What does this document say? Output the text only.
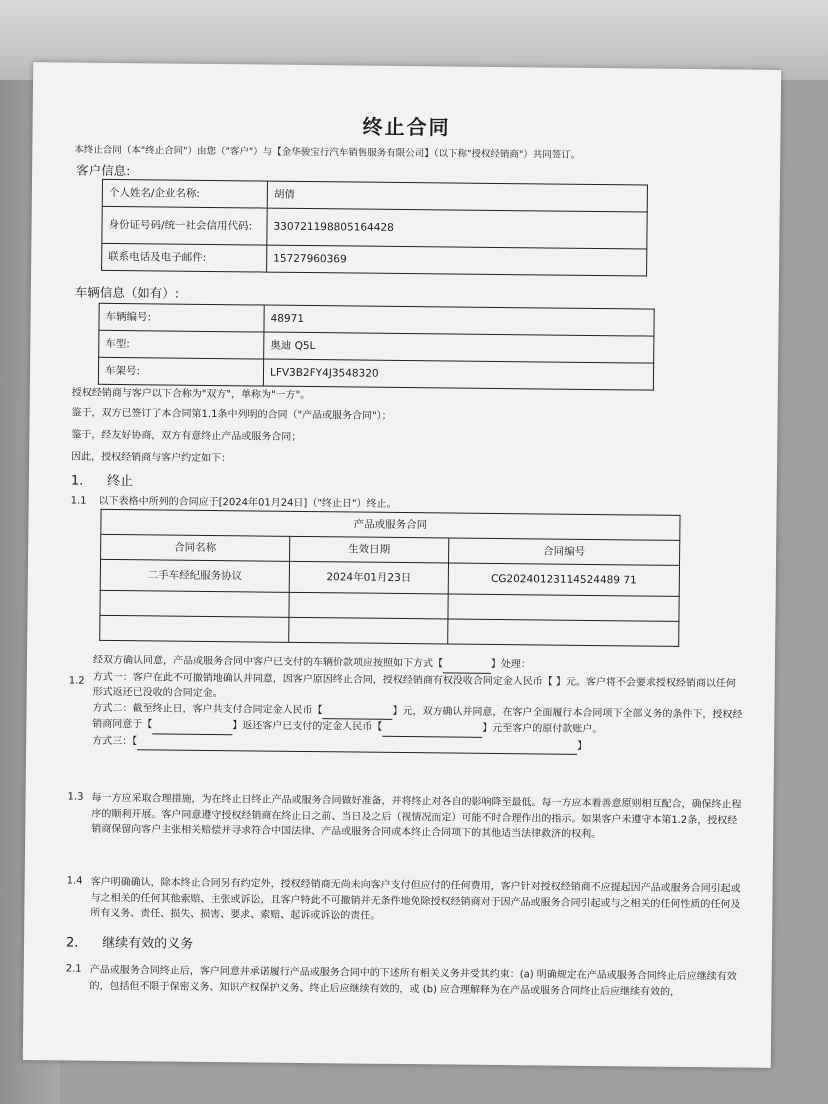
终止合同
本终止合同（本"终止合同"）由您（"客户"）与【金华骏宝行汽车销售服务有限公司】（以下称"授权经销商"）共同签订。
客户信息:
个人姓名/企业名称:	胡倩
身份证号码/统一社会信用代码:	330721198805164428
联系电话及电子邮件:	15727960369
车辆信息（如有）:
车辆编号:	48971
车型:	奥迪 Q5L
车架号:	LFV3B2FY4J3548320
授权经销商与客户以下合称为"双方"，单称为"一方"。
鉴于，双方已签订了本合同第1.1条中列明的合同（"产品或服务合同"）；
鉴于，经友好协商，双方有意终止产品或服务合同；
因此，授权经销商与客户约定如下：
1. 终止
1.1 以下表格中所列的合同应于[2024年01月24日]（"终止日"）终止。
产品或服务合同		
合同名称	生效日期	合同编号
二手车经纪服务协议	2024年01月23日	CG20240123114524489 71

1.2
经双方确认同意，产品或服务合同中客户已支付的车辆价款项应按照如下方式【	】处理：
方式一：客户在此不可撤销地确认并同意，因客户原因终止合同，授权经销商有权没收合同定金人民币【 】元。客户将不会要求授权经销商以任何形式返还已没收的合同定金。
方式二：截至终止日，客户共支付合同定金人民币【	】元，双方确认并同意，在客户全面履行本合同项下全部义务的条件下，授权经销商同意于【	】返还客户已支付的定金人民币【	】元至客户的原付款账户。
方式三：【	】
1.3 每一方应采取合理措施，为在终止日终止产品或服务合同做好准备，并将终止对各自的影响降至最低。每一方应本着善意原则相互配合，确保终止程序的顺利开展。客户同意遵守授权经销商在终止日之前、当日及之后（视情况而定）可能不时合理作出的指示。如果客户未遵守本第1.2条，授权经销商保留向客户主张相关赔偿并寻求符合中国法律、产品或服务合同或本终止合同项下的其他适当法律救济的权利。
1.4 客户明确确认，除本终止合同另有约定外，授权经销商无尚未向客户支付但应付的任何费用，客户针对授权经销商不应提起因产品或服务合同引起或与之相关的任何其他索赔、主张或诉讼，且客户特此不可撤销并无条件地免除授权经销商对于因产品或服务合同引起或与之相关的任何性质的任何及所有义务、责任、损失、损害、要求、索赔、起诉或诉讼的责任。
2. 继续有效的义务
2.1 产品或服务合同终止后，客户同意并承诺履行产品或服务合同中的下述所有相关义务并受其约束：(a) 明确规定在产品或服务合同终止后应继续有效的，包括但不限于保密义务、知识产权保护义务、终止后应继续有效的，或 (b) 应合理解释为在产品或服务合同终止后应继续有效的，
